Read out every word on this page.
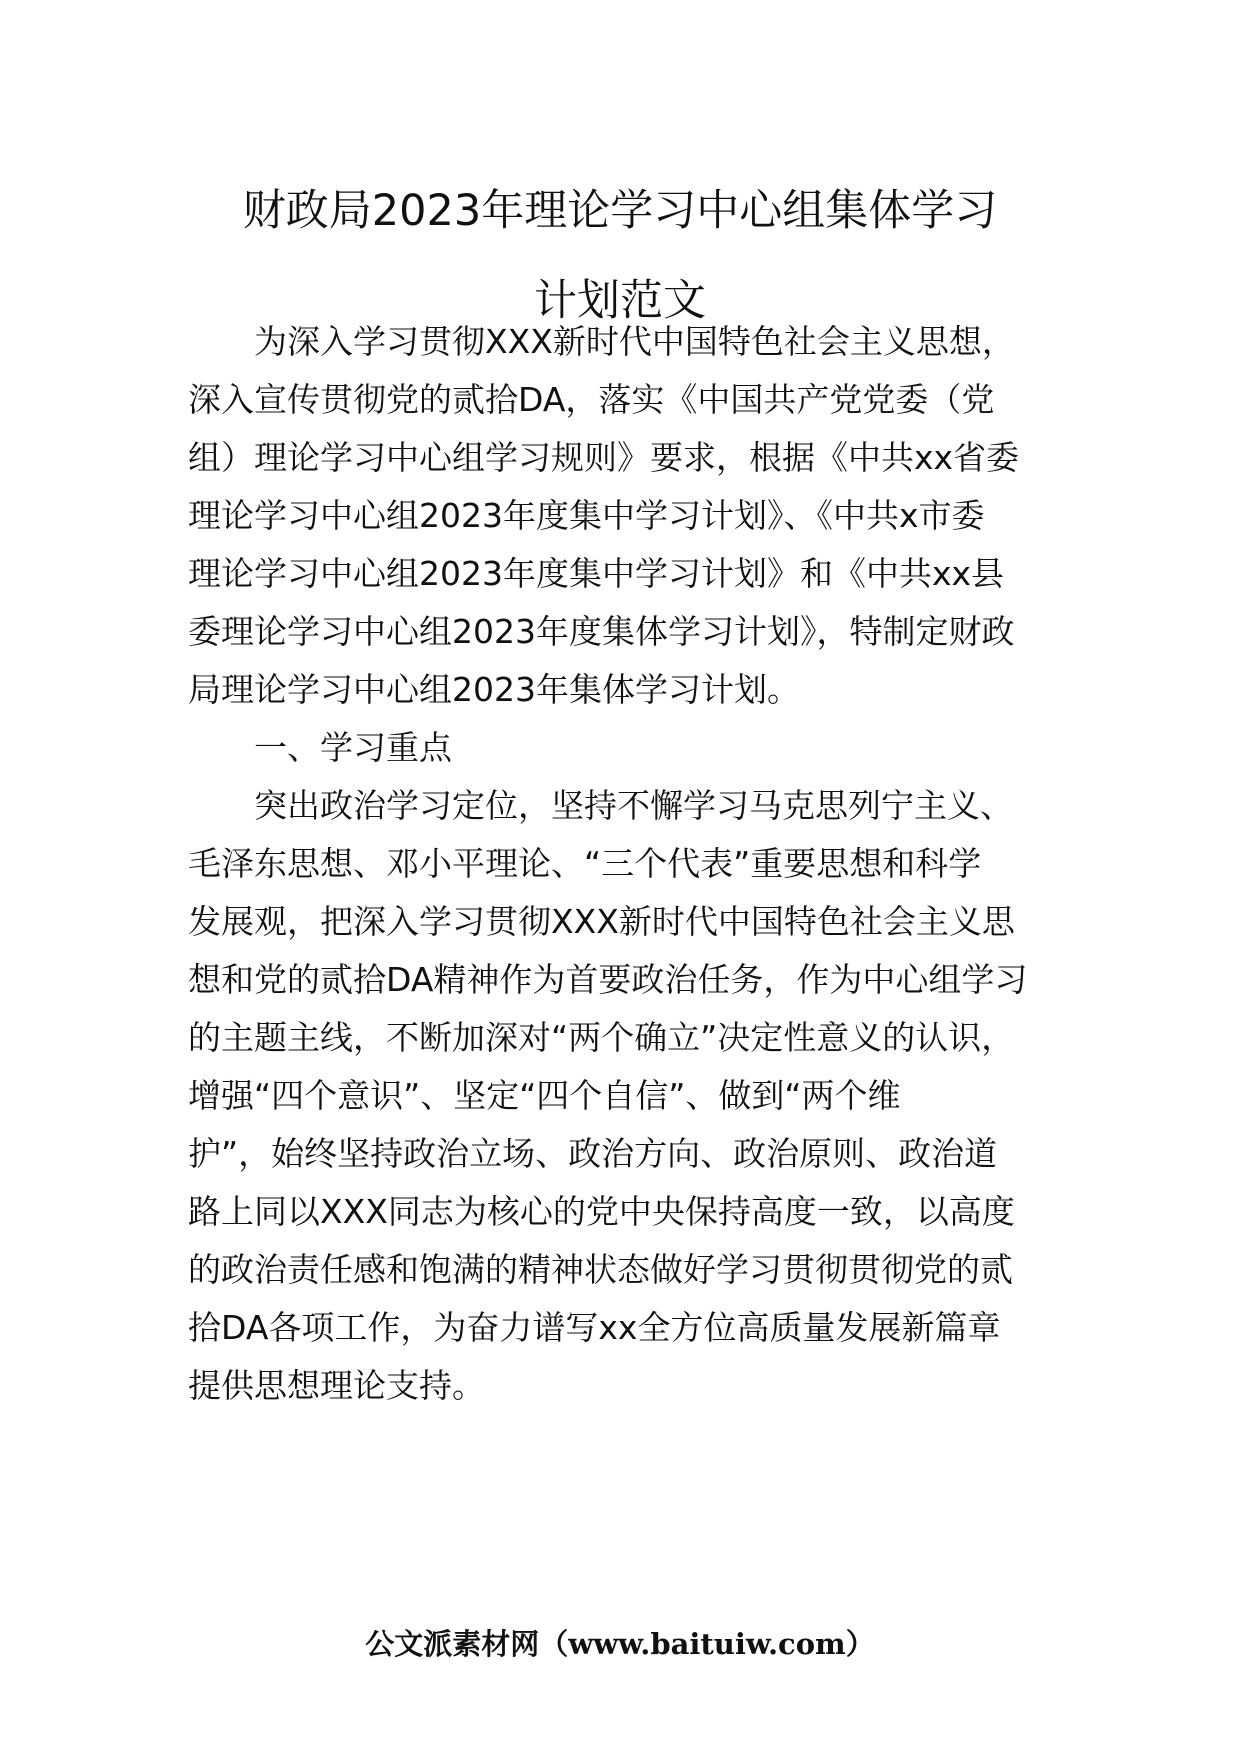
财政局2023年理论学习中心组集体学习
计划范文

为深入学习贯彻XXX新时代中国特色社会主义思想，

深入宣传贯彻党的贰拾DA，落实《中国共产党党委（党

组）理论学习中心组学习规则》要求，根据《中共xx省委

理论学习中心组2023年度集中学习计划》、《中共x市委

理论学习中心组2023年度集中学习计划》和《中共xx县

委理论学习中心组2023年度集体学习计划》，特制定财政

局理论学习中心组2023年集体学习计划。

一、学习重点

突出政治学习定位，坚持不懈学习马克思列宁主义、

毛泽东思想、邓小平理论、“三个代表”重要思想和科学

发展观，把深入学习贯彻XXX新时代中国特色社会主义思

想和党的贰拾DA精神作为首要政治任务，作为中心组学习

的主题主线，不断加深对“两个确立”决定性意义的认识，

增强“四个意识”、坚定“四个自信”、做到“两个维

护”，始终坚持政治立场、政治方向、政治原则、政治道

路上同以XXX同志为核心的党中央保持高度一致，以高度

的政治责任感和饱满的精神状态做好学习贯彻贯彻党的贰

拾DA各项工作，为奋力谱写xx全方位高质量发展新篇章

提供思想理论支持。

公文派素材网（www.baituiw.com）
